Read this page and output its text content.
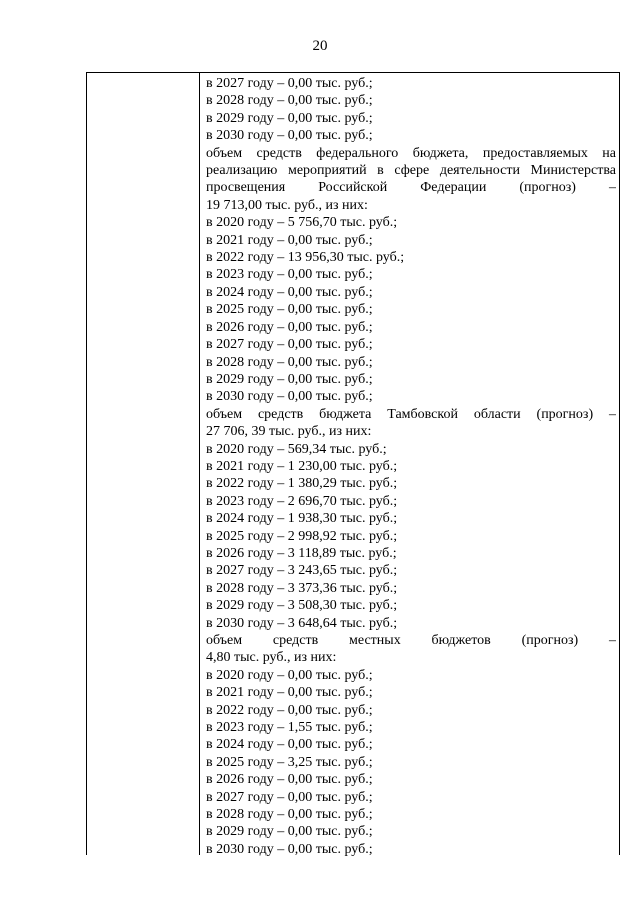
20
в 2027 году – 0,00 тыс. руб.;
в 2028 году – 0,00 тыс. руб.;
в 2029 году – 0,00 тыс. руб.;
в 2030 году – 0,00 тыс. руб.;
объем средств федерального бюджета, предоставляемых на
реализацию мероприятий в сфере деятельности Министерства
просвещения Российской Федерации (прогноз) –
19 713,00 тыс. руб., из них:
в 2020 году – 5 756,70 тыс. руб.;
в 2021 году – 0,00 тыс. руб.;
в 2022 году – 13 956,30 тыс. руб.;
в 2023 году – 0,00 тыс. руб.;
в 2024 году – 0,00 тыс. руб.;
в 2025 году – 0,00 тыс. руб.;
в 2026 году – 0,00 тыс. руб.;
в 2027 году – 0,00 тыс. руб.;
в 2028 году – 0,00 тыс. руб.;
в 2029 году – 0,00 тыс. руб.;
в 2030 году – 0,00 тыс. руб.;
объем средств бюджета Тамбовской области (прогноз) –
27 706, 39 тыс. руб., из них:
в 2020 году – 569,34 тыс. руб.;
в 2021 году – 1 230,00 тыс. руб.;
в 2022 году – 1 380,29 тыс. руб.;
в 2023 году – 2 696,70 тыс. руб.;
в 2024 году – 1 938,30 тыс. руб.;
в 2025 году – 2 998,92 тыс. руб.;
в 2026 году – 3 118,89 тыс. руб.;
в 2027 году – 3 243,65 тыс. руб.;
в 2028 году – 3 373,36 тыс. руб.;
в 2029 году – 3 508,30 тыс. руб.;
в 2030 году – 3 648,64 тыс. руб.;
объем средств местных бюджетов (прогноз) –
4,80 тыс. руб., из них:
в 2020 году – 0,00 тыс. руб.;
в 2021 году – 0,00 тыс. руб.;
в 2022 году – 0,00 тыс. руб.;
в 2023 году – 1,55 тыс. руб.;
в 2024 году – 0,00 тыс. руб.;
в 2025 году – 3,25 тыс. руб.;
в 2026 году – 0,00 тыс. руб.;
в 2027 году – 0,00 тыс. руб.;
в 2028 году – 0,00 тыс. руб.;
в 2029 году – 0,00 тыс. руб.;
в 2030 году – 0,00 тыс. руб.;
